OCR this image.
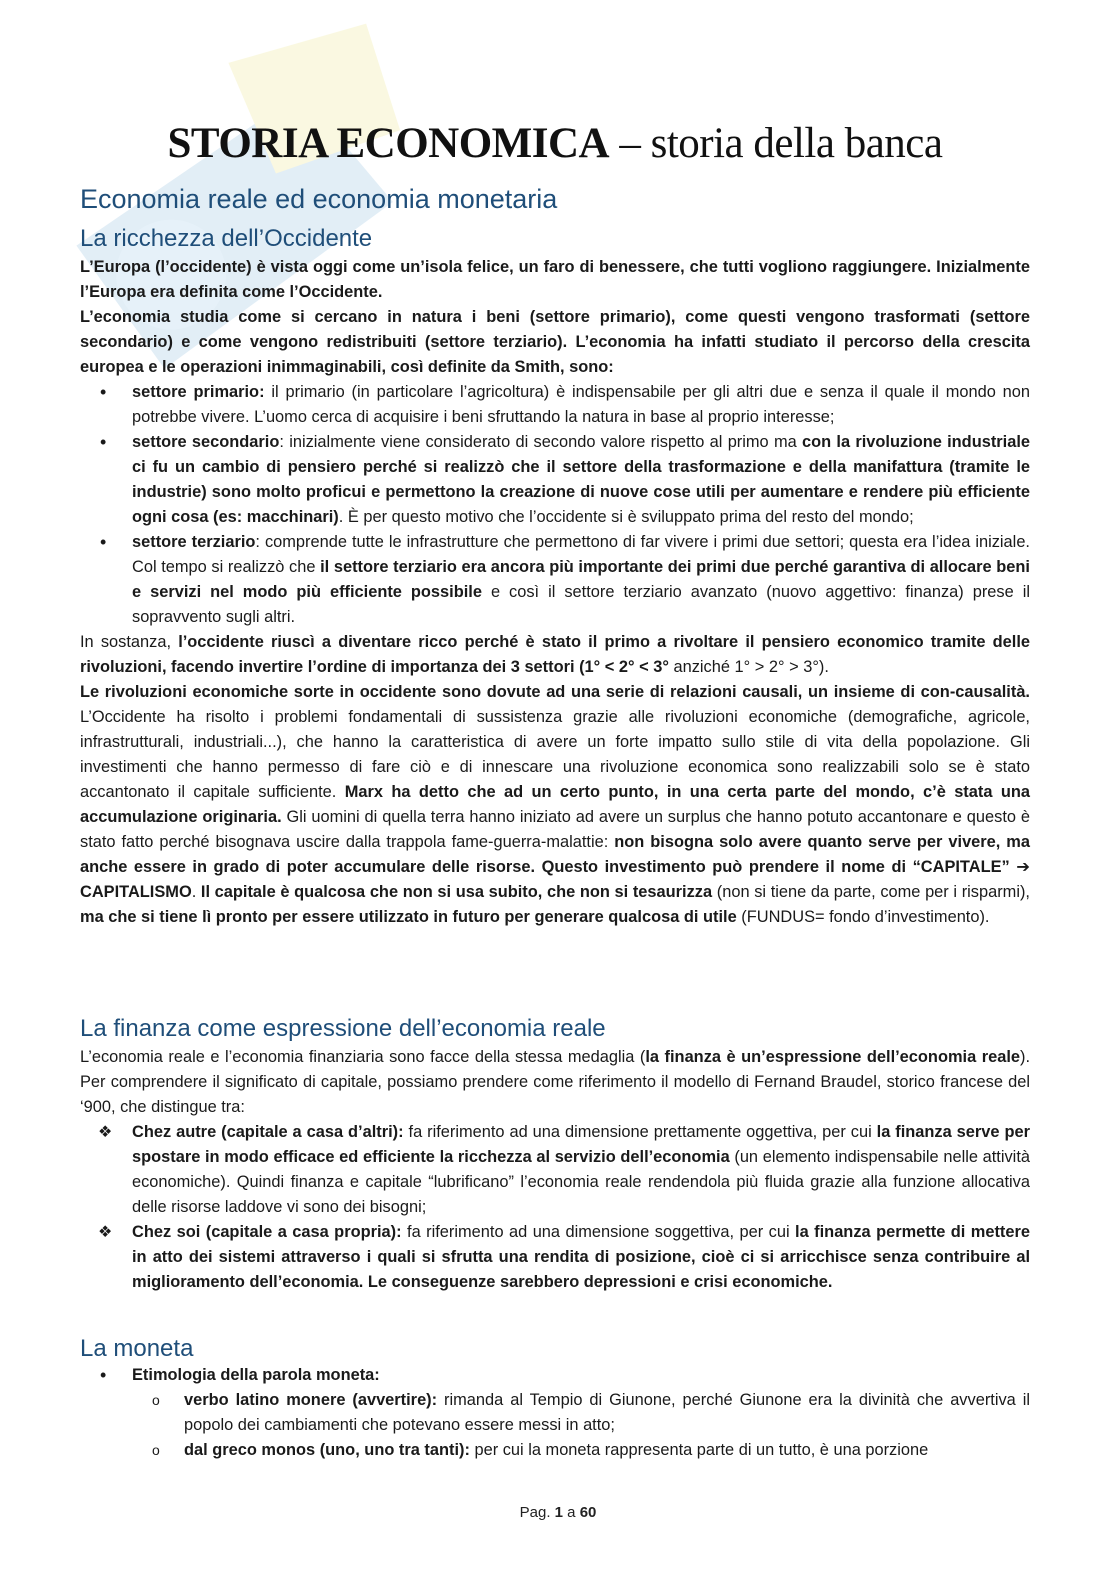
STORIA ECONOMICA – storia della banca
Economia reale ed economia monetaria
La ricchezza dell’Occidente

L’Europa (l’occidente) è vista oggi come un’isola felice, un faro di benessere, che tutti vogliono raggiungere. Inizialmente l’Europa era definita come l’Occidente.

L’economia studia come si cercano in natura i beni (settore primario), come questi vengono trasformati (settore secondario) e come vengono redistribuiti (settore terziario). L’economia ha infatti studiato il percorso della crescita europea e le operazioni inimmaginabili, così definite da Smith, sono:

• settore primario: il primario (in particolare l’agricoltura) è indispensabile per gli altri due e senza il quale il mondo non potrebbe vivere. L’uomo cerca di acquisire i beni sfruttando la natura in base al proprio interesse;
• settore secondario: inizialmente viene considerato di secondo valore rispetto al primo ma con la rivoluzione industriale ci fu un cambio di pensiero perché si realizzò che il settore della trasformazione e della manifattura (tramite le industrie) sono molto proficui e permettono la creazione di nuove cose utili per aumentare e rendere più efficiente ogni cosa (es: macchinari). È per questo motivo che l’occidente si è sviluppato prima del resto del mondo;
• settore terziario: comprende tutte le infrastrutture che permettono di far vivere i primi due settori; questa era l’idea iniziale. Col tempo si realizzò che il settore terziario era ancora più importante dei primi due perché garantiva di allocare beni e servizi nel modo più efficiente possibile e così il settore terziario avanzato (nuovo aggettivo: finanza) prese il sopravvento sugli altri.

In sostanza, l’occidente riuscì a diventare ricco perché è stato il primo a rivoltare il pensiero economico tramite delle rivoluzioni, facendo invertire l’ordine di importanza dei 3 settori (1° < 2° < 3° anziché 1° > 2° > 3°).

Le rivoluzioni economiche sorte in occidente sono dovute ad una serie di relazioni causali, un insieme di con-causalità. L’Occidente ha risolto i problemi fondamentali di sussistenza grazie alle rivoluzioni economiche (demografiche, agricole, infrastrutturali, industriali...), che hanno la caratteristica di avere un forte impatto sullo stile di vita della popolazione. Gli investimenti che hanno permesso di fare ciò e di innescare una rivoluzione economica sono realizzabili solo se è stato accantonato il capitale sufficiente. Marx ha detto che ad un certo punto, in una certa parte del mondo, c’è stata una accumulazione originaria. Gli uomini di quella terra hanno iniziato ad avere un surplus che hanno potuto accantonare e questo è stato fatto perché bisognava uscire dalla trappola fame-guerra-malattie: non bisogna solo avere quanto serve per vivere, ma anche essere in grado di poter accumulare delle risorse. Questo investimento può prendere il nome di “CAPITALE” ➔ CAPITALISMO. Il capitale è qualcosa che non si usa subito, che non si tesaurizza (non si tiene da parte, come per i risparmi), ma che si tiene lì pronto per essere utilizzato in futuro per generare qualcosa di utile (FUNDUS= fondo d’investimento).

La finanza come espressione dell’economia reale

L’economia reale e l’economia finanziaria sono facce della stessa medaglia (la finanza è un’espressione dell’economia reale). Per comprendere il significato di capitale, possiamo prendere come riferimento il modello di Fernand Braudel, storico francese del ‘900, che distingue tra:

❖ Chez autre (capitale a casa d’altri): fa riferimento ad una dimensione prettamente oggettiva, per cui la finanza serve per spostare in modo efficace ed efficiente la ricchezza al servizio dell’economia (un elemento indispensabile nelle attività economiche). Quindi finanza e capitale “lubrificano” l’economia reale rendendola più fluida grazie alla funzione allocativa delle risorse laddove vi sono dei bisogni;
❖ Chez soi (capitale a casa propria): fa riferimento ad una dimensione soggettiva, per cui la finanza permette di mettere in atto dei sistemi attraverso i quali si sfrutta una rendita di posizione, cioè ci si arricchisce senza contribuire al miglioramento dell’economia. Le conseguenze sarebbero depressioni e crisi economiche.
La moneta
• Etimologia della parola moneta:
o verbo latino monere (avvertire): rimanda al Tempio di Giunone, perché Giunone era la divinità che avvertiva il popolo dei cambiamenti che potevano essere messi in atto;
o dal greco monos (uno, uno tra tanti): per cui la moneta rappresenta parte di un tutto, è una porzione
Pag. 1 a 60
